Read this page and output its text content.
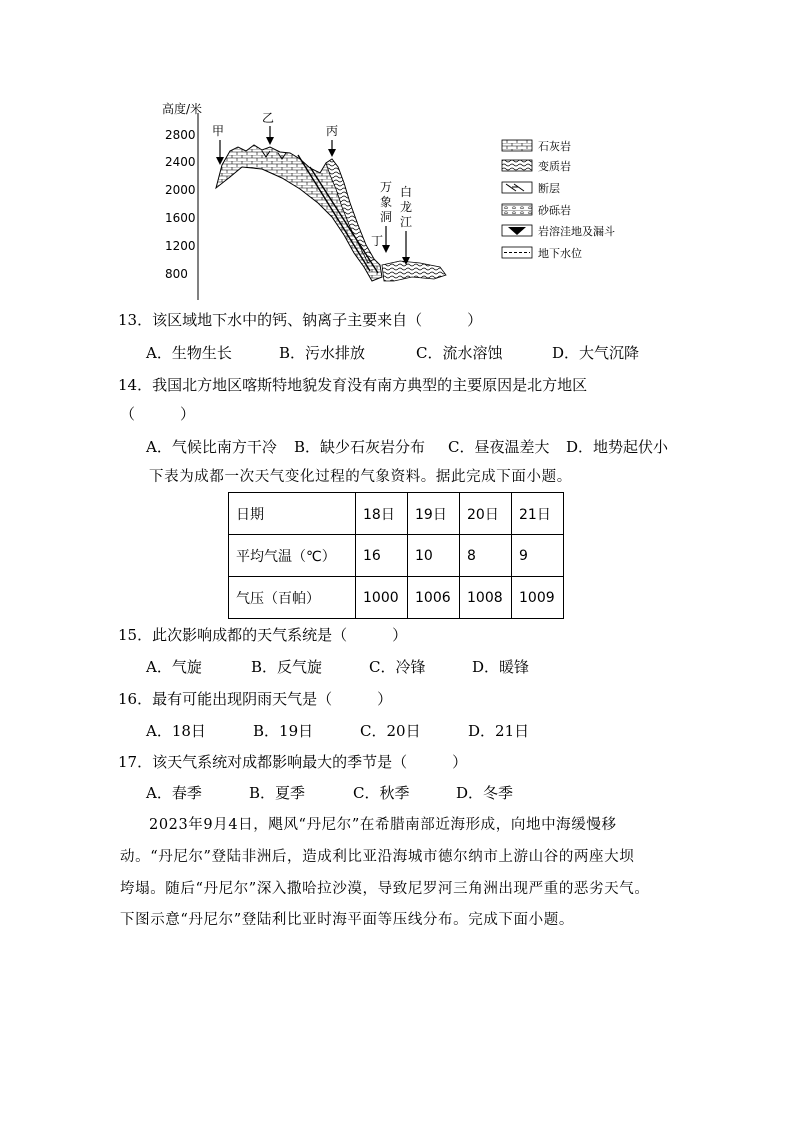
高度/米
2800
2400
2000
1600
1200
800
甲
乙
丙
万
象
洞
白
龙
江
丁
石灰岩
变质岩
断层
砂砾岩
岩溶洼地及漏斗
地下水位
13．该区域地下水中的钙、钠离子主要来自（　　　）
A．生物生长	B．污水排放	C．流水溶蚀	D．大气沉降
14．我国北方地区喀斯特地貌发育没有南方典型的主要原因是北方地区
（　　　）
A．气候比南方干冷 B．缺少石灰岩分布 C．昼夜温差大 D．地势起伏小
下表为成都一次天气变化过程的气象资料。据此完成下面小题。
日期	18日	19日	20日	21日
平均气温（℃）	16	10	8	9
气压（百帕）	1000	1006	1008	1009
15．此次影响成都的天气系统是（　　　）
A．气旋	B．反气旋	C．冷锋	D．暖锋
16．最有可能出现阴雨天气是（　　　）
A．18日	B．19日	C．20日	D．21日
17．该天气系统对成都影响最大的季节是（　　　）
A．春季	B．夏季	C．秋季	D．冬季
2023年9月4日，飓风“丹尼尔”在希腊南部近海形成，向地中海缓慢移
动。“丹尼尔”登陆非洲后，造成利比亚沿海城市德尔纳市上游山谷的两座大坝
垮塌。随后“丹尼尔”深入撒哈拉沙漠，导致尼罗河三角洲出现严重的恶劣天气。
下图示意“丹尼尔”登陆利比亚时海平面等压线分布。完成下面小题。
